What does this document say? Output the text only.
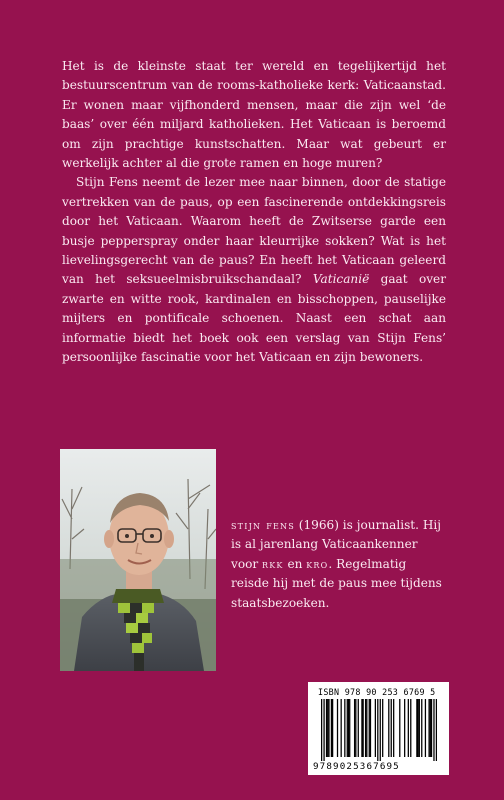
Het is de kleinste staat ter wereld en tegelijkertijd het bestuurscentrum van de rooms-katholieke kerk: Vaticaanstad. Er wonen maar vijfhonderd mensen, maar die zijn wel ‘de baas’ over één miljard katholieken. Het Vaticaan is beroemd om zijn prachtige kunstschatten. Maar wat gebeurt er werkelijk achter al die grote ramen en hoge muren?

Stijn Fens neemt de lezer mee naar binnen, door de statige vertrekken van de paus, op een fascinerende ontdekkingsreis door het Vaticaan. Waarom heeft de Zwitserse garde een busje pepperspray onder haar kleurrijke sokken? Wat is het lievelingsgerecht van de paus? En heeft het Vaticaan geleerd van het seksueelmisbruikschandaal? Vaticanië gaat over zwarte en witte rook, kardinalen en bisschoppen, pauselijke mijters en pontificale schoenen. Naast een schat aan informatie biedt het boek ook een verslag van Stijn Fens’ persoonlijke fascinatie voor het Vaticaan en zijn bewoners.

stijn fens (1966) is journalist. Hij is al jarenlang Vaticaankenner voor rkk en kro. Regelmatig reisde hij met de paus mee tijdens staatsbezoeken.
ISBN 978 90 253 6769 5
9789025367695
